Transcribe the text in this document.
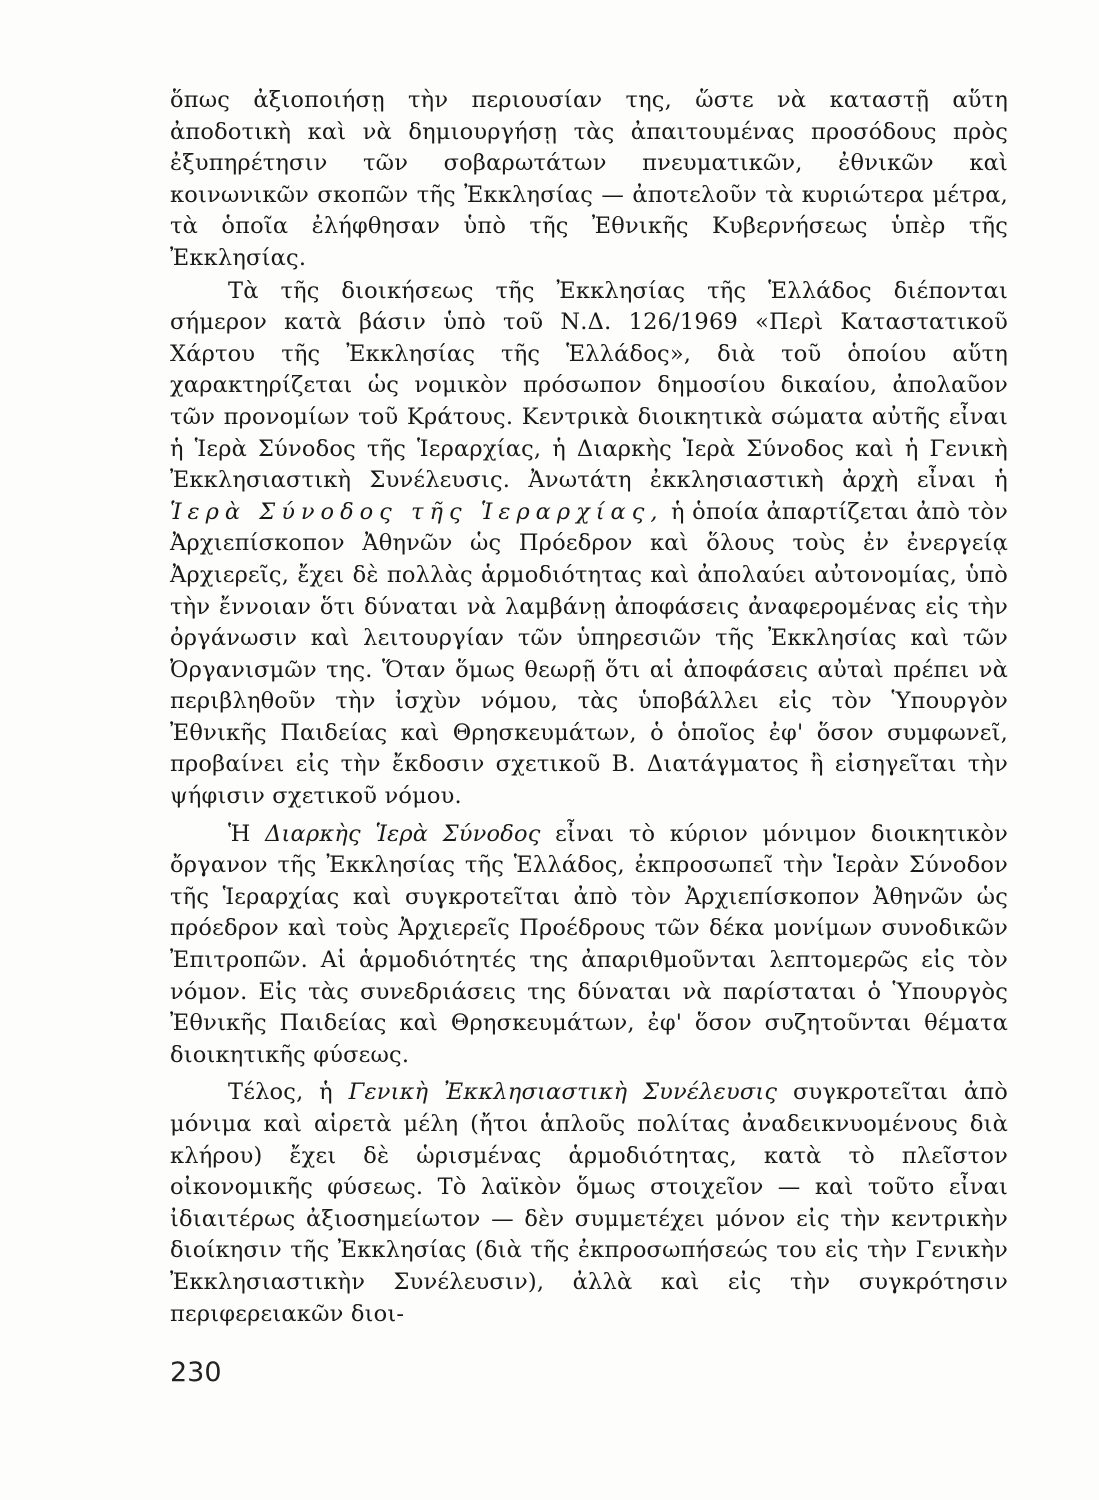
ὅπως ἀξιοποιήσῃ τὴν περιουσίαν της, ὥστε νὰ καταστῇ αὕτη ἀποδοτικὴ καὶ νὰ δημιουργήσῃ τὰς ἀπαιτουμένας προσόδους πρὸς ἐξυπηρέτησιν τῶν σοβαρωτάτων πνευματικῶν, ἐθνικῶν καὶ κοινωνικῶν σκοπῶν τῆς Ἐκκλησίας — ἀποτελοῦν τὰ κυριώτερα μέτρα, τὰ ὁποῖα ἐλήφθησαν ὑπὸ τῆς Ἐθνικῆς Κυβερνήσεως ὑπὲρ τῆς Ἐκκλησίας.

Τὰ τῆς διοικήσεως τῆς Ἐκκλησίας τῆς Ἑλλάδος διέπονται σήμερον κατὰ βάσιν ὑπὸ τοῦ Ν.Δ. 126/1969 «Περὶ Καταστατικοῦ Χάρτου τῆς Ἐκκλησίας τῆς Ἑλλάδος», διὰ τοῦ ὁποίου αὕτη χαρακτηρίζεται ὡς νομικὸν πρόσωπον δημοσίου δικαίου, ἀπολαῦον τῶν προνομίων τοῦ Κράτους. Κεντρικὰ διοικητικὰ σώματα αὐτῆς εἶναι ἡ Ἱερὰ Σύνοδος τῆς Ἱεραρχίας, ἡ Διαρκὴς Ἱερὰ Σύνοδος καὶ ἡ Γενικὴ Ἐκκλησιαστικὴ Συνέλευσις. Ἀνωτάτη ἐκκλησιαστικὴ ἀρχὴ εἶναι ἡ Ἱερὰ Σύνοδος τῆς Ἱεραρχίας, ἡ ὁποία ἀπαρτίζεται ἀπὸ τὸν Ἀρχιεπίσκοπον Ἀθηνῶν ὡς Πρόεδρον καὶ ὅλους τοὺς ἐν ἐνεργείᾳ Ἀρχιερεῖς, ἔχει δὲ πολλὰς ἁρμοδιότητας καὶ ἀπολαύει αὐτονομίας, ὑπὸ τὴν ἔννοιαν ὅτι δύναται νὰ λαμβάνῃ ἀποφάσεις ἀναφερομένας εἰς τὴν ὀργάνωσιν καὶ λειτουργίαν τῶν ὑπηρεσιῶν τῆς Ἐκκλησίας καὶ τῶν Ὀργανισμῶν της. Ὅταν ὅμως θεωρῇ ὅτι αἱ ἀποφάσεις αὐταὶ πρέπει νὰ περιβληθοῦν τὴν ἰσχὺν νόμου, τὰς ὑποβάλλει εἰς τὸν Ὑπουργὸν Ἐθνικῆς Παιδείας καὶ Θρησκευμάτων, ὁ ὁποῖος ἐφ' ὅσον συμφωνεῖ, προβαίνει εἰς τὴν ἔκδοσιν σχετικοῦ Β. Διατάγματος ἢ εἰσηγεῖται τὴν ψήφισιν σχετικοῦ νόμου.

Ἡ Διαρκὴς Ἱερὰ Σύνοδος εἶναι τὸ κύριον μόνιμον διοικητικὸν ὄργανον τῆς Ἐκκλησίας τῆς Ἑλλάδος, ἐκπροσωπεῖ τὴν Ἱερὰν Σύνοδον τῆς Ἱεραρχίας καὶ συγκροτεῖται ἀπὸ τὸν Ἀρχιεπίσκοπον Ἀθηνῶν ὡς πρόεδρον καὶ τοὺς Ἀρχιερεῖς Προέδρους τῶν δέκα μονίμων συνοδικῶν Ἐπιτροπῶν. Αἱ ἁρμοδιότητές της ἀπαριθμοῦνται λεπτομερῶς εἰς τὸν νόμον. Εἰς τὰς συνεδριάσεις της δύναται νὰ παρίσταται ὁ Ὑπουργὸς Ἐθνικῆς Παιδείας καὶ Θρησκευμάτων, ἐφ' ὅσον συζητοῦνται θέματα διοικητικῆς φύσεως.

Τέλος, ἡ Γενικὴ Ἐκκλησιαστικὴ Συνέλευσις συγκροτεῖται ἀπὸ μόνιμα καὶ αἱρετὰ μέλη (ἤτοι ἁπλοῦς πολίτας ἀναδεικνυομένους διὰ κλήρου) ἔχει δὲ ὡρισμένας ἁρμοδιότητας, κατὰ τὸ πλεῖστον οἰκονομικῆς φύσεως. Τὸ λαϊκὸν ὅμως στοιχεῖον — καὶ τοῦτο εἶναι ἰδιαιτέρως ἀξιοσημείωτον — δὲν συμμετέχει μόνον εἰς τὴν κεντρικὴν διοίκησιν τῆς Ἐκκλησίας (διὰ τῆς ἐκπροσωπήσεώς του εἰς τὴν Γενικὴν Ἐκκλησιαστικὴν Συνέλευσιν), ἀλλὰ καὶ εἰς τὴν συγκρότησιν περιφερειακῶν διοι-

230
